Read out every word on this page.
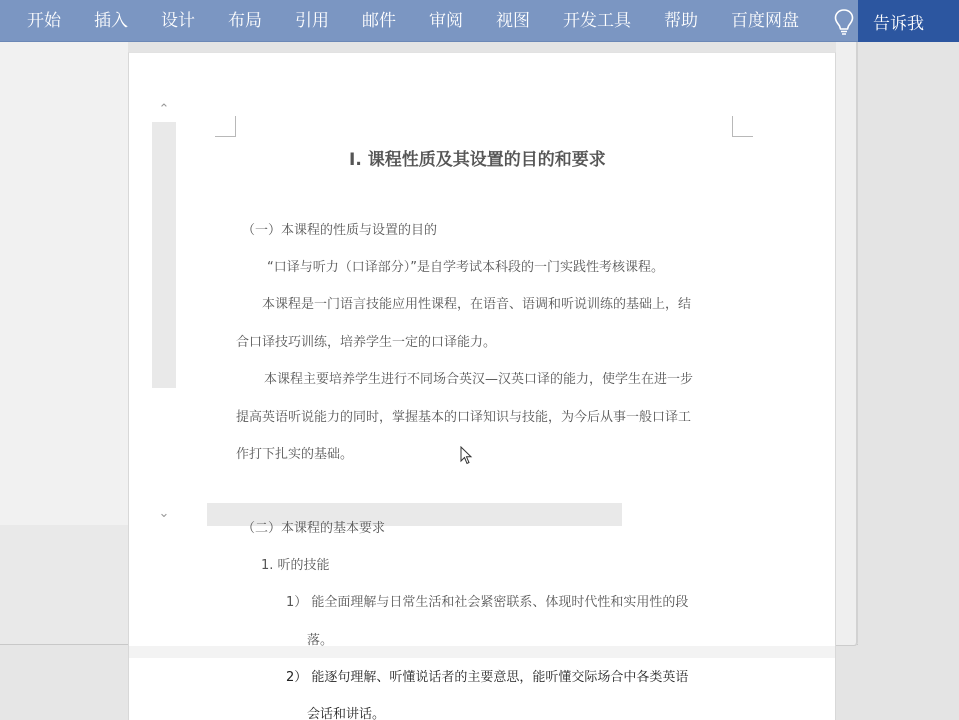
开始 插入 设计 布局 引用 邮件 审阅 视图 开发工具 帮助 百度网盘	告诉我
⌃
⌄
I. 课程性质及其设置的目的和要求
（一）本课程的性质与设置的目的
“口译与听力（口译部分）”是自学考试本科段的一门实践性考核课程。
本课程是一门语言技能应用性课程，在语音、语调和听说训练的基础上，结
合口译技巧训练，培养学生一定的口译能力。
本课程主要培养学生进行不同场合英汉—汉英口译的能力，使学生在进一步
提高英语听说能力的同时，掌握基本的口译知识与技能，为今后从事一般口译工
作打下扎实的基础。
（二）本课程的基本要求
1. 听的技能
1） 能全面理解与日常生活和社会紧密联系、体现时代性和实用性的段
落。
2） 能逐句理解、听懂说话者的主要意思，能听懂交际场合中各类英语
会话和讲话。
